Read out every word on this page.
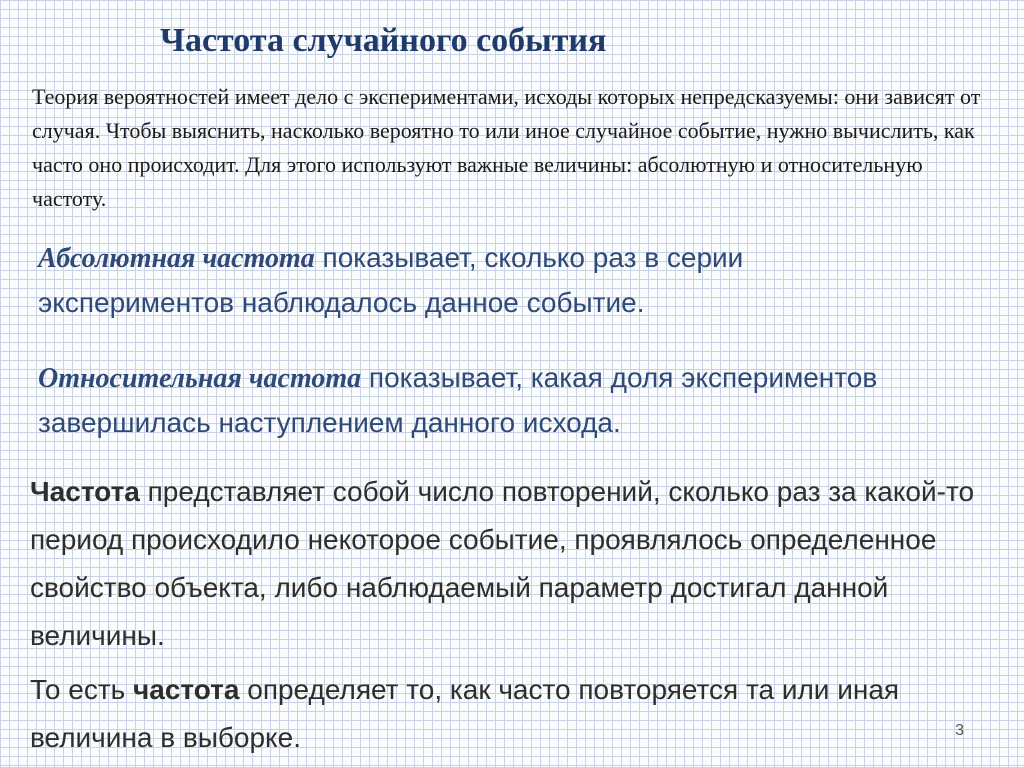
Частота случайного события

Теория вероятностей имеет дело с экспериментами, исходы которых непредсказуемы: они зависят от случая. Чтобы выяснить, насколько вероятно то или иное случайное событие, нужно вычислить, как часто оно происходит. Для этого используют важные величины: абсолютную и относительную частоту.

Абсолютная частота показывает, сколько раз в серии экспериментов наблюдалось данное событие.

Относительная частота показывает, какая доля экспериментов завершилась наступлением данного исхода.

Частота представляет собой число повторений, сколько раз за какой-то период происходило некоторое событие, проявлялось определенное свойство объекта, либо наблюдаемый параметр достигал данной величины.

То есть частота определяет то, как часто повторяется та или иная величина в выборке.	3
